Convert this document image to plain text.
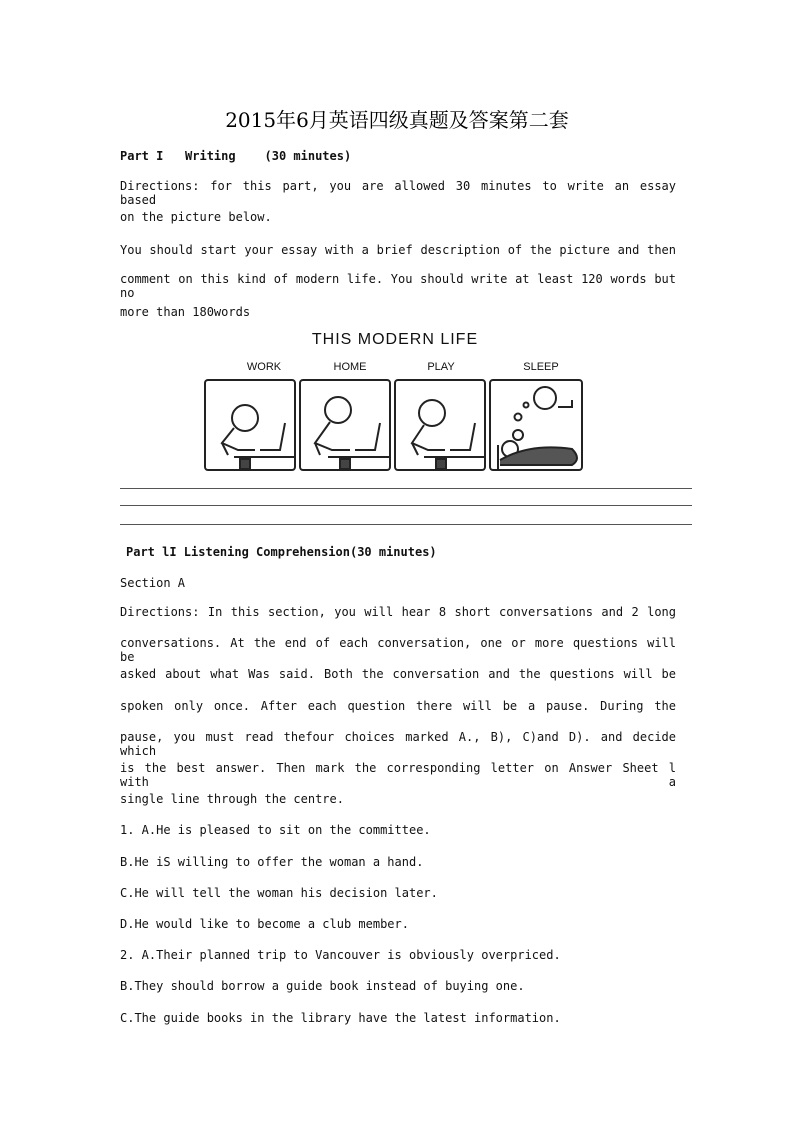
2015年6月英语四级真题及答案第二套
Part I   Writing    (30 minutes)
Directions: for this part, you are allowed 30 minutes to write an essay based
on the picture below.
You should start your essay with a brief description of the picture and then
comment on this kind of modern life. You should write at least 120 words but no
more than 180words
THIS MODERN LIFE
WORK	HOME	PLAY	SLEEP
Part lI Listening Comprehension(30 minutes)
Section A
Directions: In this section, you will hear 8 short conversations and 2 long
conversations. At the end of each conversation, one or more questions will be
asked about what Was said. Both the conversation and the questions will be
spoken only once. After each question there will be a pause. During the
pause, you must read thefour choices marked A., B), C)and D). and decide which
is the best answer. Then mark the corresponding letter on Answer Sheet l with a
single line through the centre.
1. A.He is pleased to sit on the committee.
B.He iS willing to offer the woman a hand.
C.He will tell the woman his decision later.
D.He would like to become a club member.
2. A.Their planned trip to Vancouver is obviously overpriced.
B.They should borrow a guide book instead of buying one.
C.The guide books in the library have the latest information.
